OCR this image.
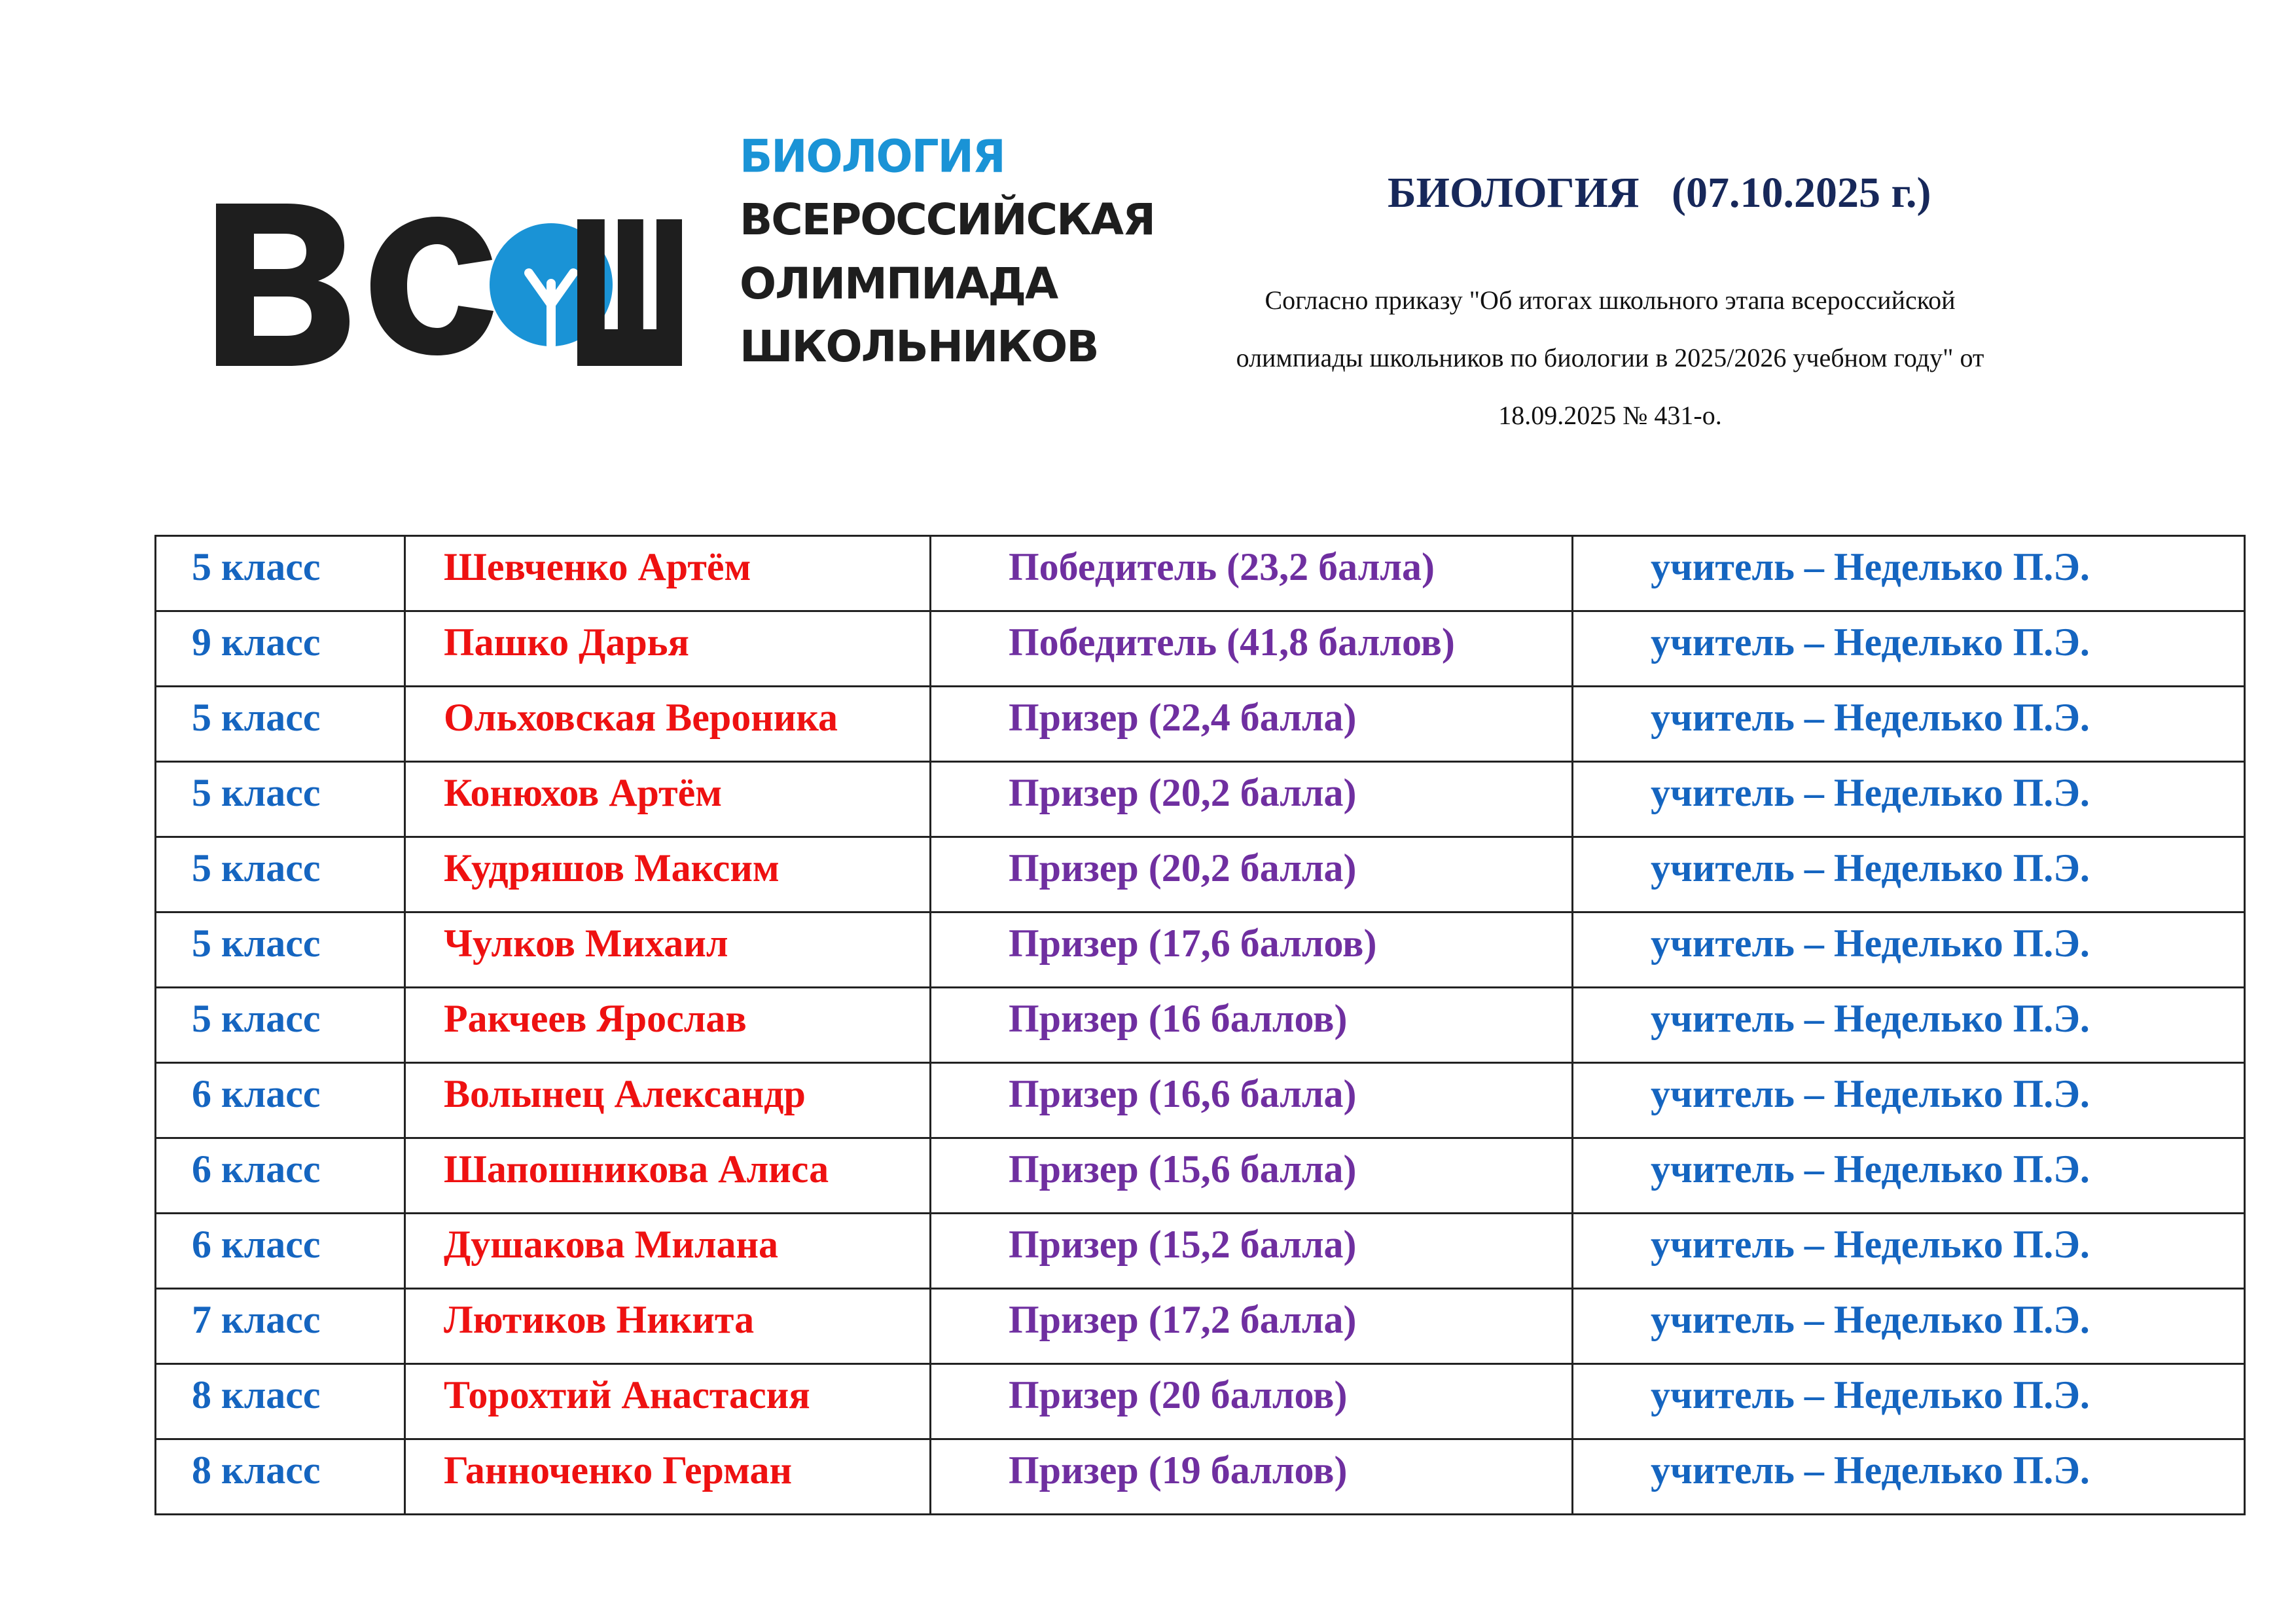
БИОЛОГИЯ
ВСЕРОССИЙСКАЯ
ОЛИМПИАДА
ШКОЛЬНИКОВ
БИОЛОГИЯ   (07.10.2025 г.)
Согласно приказу "Об итогах школьного этапа всероссийской олимпиады школьников по биологии в 2025/2026 учебном году" от 18.09.2025 № 431-о.
5 класс	Шевченко Артём	Победитель (23,2 балла)	учитель – Неделько П.Э.

9 класс	Пашко Дарья	Победитель (41,8 баллов)	учитель – Неделько П.Э.

5 класс	Ольховская Вероника	Призер (22,4 балла)	учитель – Неделько П.Э.

5 класс	Конюхов Артём	Призер (20,2 балла)	учитель – Неделько П.Э.

5 класс	Кудряшов Максим	Призер (20,2 балла)	учитель – Неделько П.Э.

5 класс	Чулков Михаил	Призер (17,6 баллов)	учитель – Неделько П.Э.

5 класс	Ракчеев Ярослав	Призер (16 баллов)	учитель – Неделько П.Э.

6 класс	Волынец Александр	Призер (16,6 балла)	учитель – Неделько П.Э.

6 класс	Шапошникова Алиса	Призер (15,6 балла)	учитель – Неделько П.Э.

6 класс	Душакова Милана	Призер (15,2 балла)	учитель – Неделько П.Э.

7 класс	Лютиков Никита	Призер (17,2 балла)	учитель – Неделько П.Э.

8 класс	Торохтий Анастасия	Призер (20 баллов)	учитель – Неделько П.Э.

8 класс	Ганноченко Герман	Призер (19 баллов)	учитель – Неделько П.Э.
